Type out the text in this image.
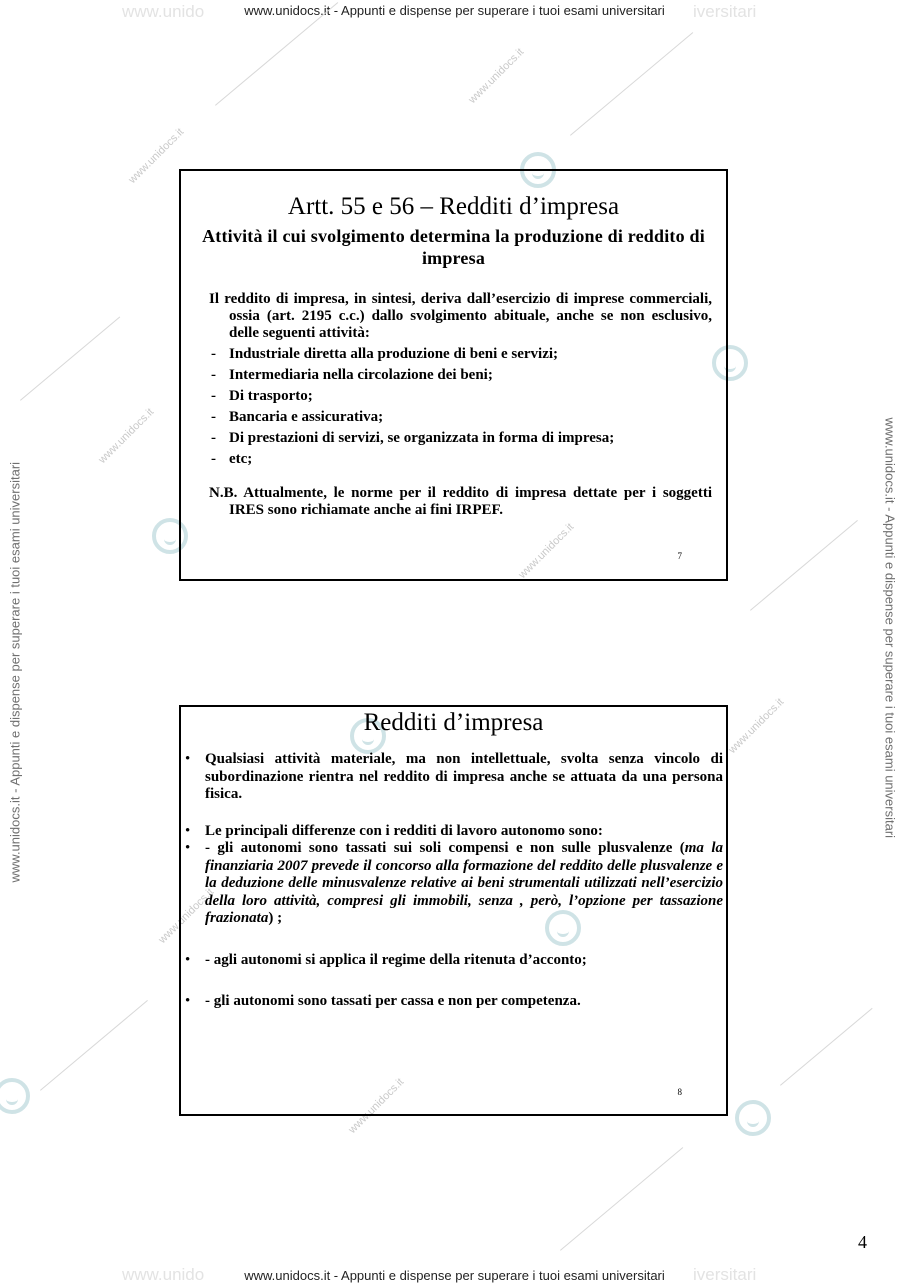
www.unido	iversitari
www.unido	iversitari
www.unidocs.it - Appunti e dispense per superare i tuoi esami universitari
www.unidocs.it - Appunti e dispense per superare i tuoi esami universitari
www.unidocs.it - Appunti e dispense per superare i tuoi esami universitari	www.unidocs.it - Appunti e dispense per superare i tuoi esami universitari
www.unidocs.it
www.unidocs.it
www.unidocs.it
www.unidocs.it
www.unidocs.it
www.unidocs.it
www.unidocs.it
Artt. 55 e 56 – Redditi d’impresa
Attività il cui svolgimento determina la produzione di reddito di impresa
Il reddito di impresa, in sintesi, deriva dall’esercizio di imprese commerciali, ossia (art. 2195 c.c.) dallo svolgimento abituale, anche se non esclusivo, delle seguenti attività:
- Industriale diretta alla produzione di beni e servizi;
- Intermediaria nella circolazione dei beni;
- Di trasporto;
- Bancaria e assicurativa;
- Di prestazioni di servizi, se organizzata in forma di impresa;
- etc;
N.B. Attualmente, le norme per il reddito di impresa dettate per i soggetti IRES sono richiamate anche ai fini IRPEF.
7
Redditi d’impresa
• Qualsiasi attività materiale, ma non intellettuale, svolta senza vincolo di subordinazione rientra nel reddito di impresa anche se attuata da una persona fisica.
• Le principali differenze con i redditi di lavoro autonomo sono:
• - gli autonomi sono tassati sui soli compensi e non sulle plusvalenze (ma la finanziaria 2007 prevede il concorso alla formazione del reddito delle plusvalenze e la deduzione delle minusvalenze relative ai beni strumentali utilizzati nell’esercizio della loro attività, compresi gli immobili, senza , però, l’opzione per tassazione frazionata) ;
• - agli autonomi si applica il regime della ritenuta d’acconto;
• - gli autonomi sono tassati per cassa e non per competenza.
8
4
